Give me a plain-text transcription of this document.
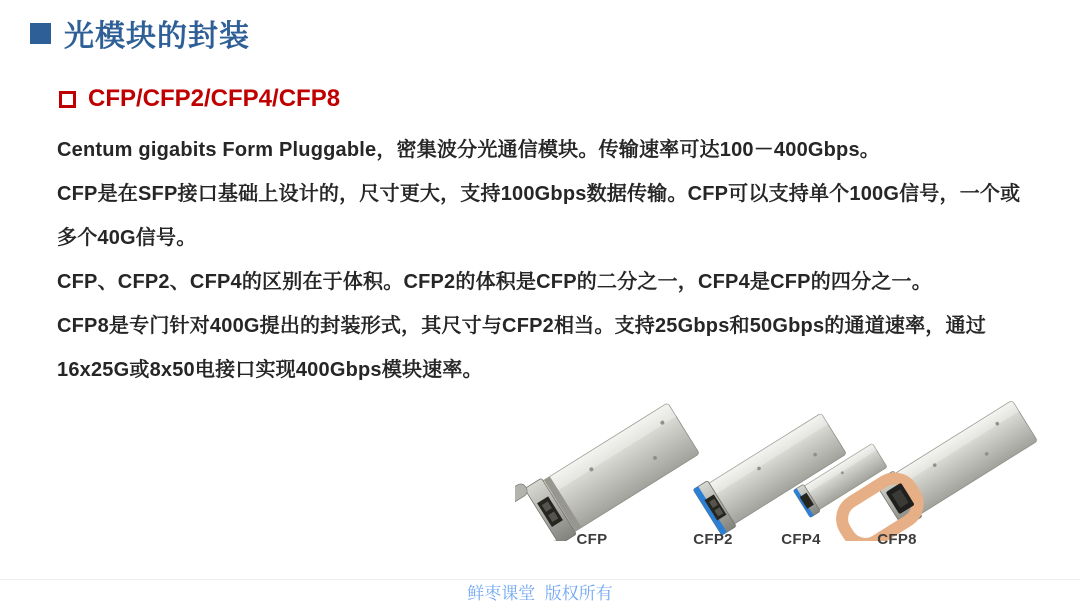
光模块的封装
CFP/CFP2/CFP4/CFP8
Centum gigabits Form Pluggable，密集波分光通信模块。传输速率可达100－400Gbps。
CFP是在SFP接口基础上设计的，尺寸更大，支持100Gbps数据传输。CFP可以支持单个100G信号，一个或
多个40G信号。
CFP、CFP2、CFP4的区别在于体积。CFP2的体积是CFP的二分之一，CFP4是CFP的四分之一。
CFP8是专门针对400G提出的封装形式，其尺寸与CFP2相当。支持25Gbps和50Gbps的通道速率，通过
16x25G或8x50电接口实现400Gbps模块速率。
CFP	CFP2	CFP4	CFP8
鲜枣课堂  版权所有
